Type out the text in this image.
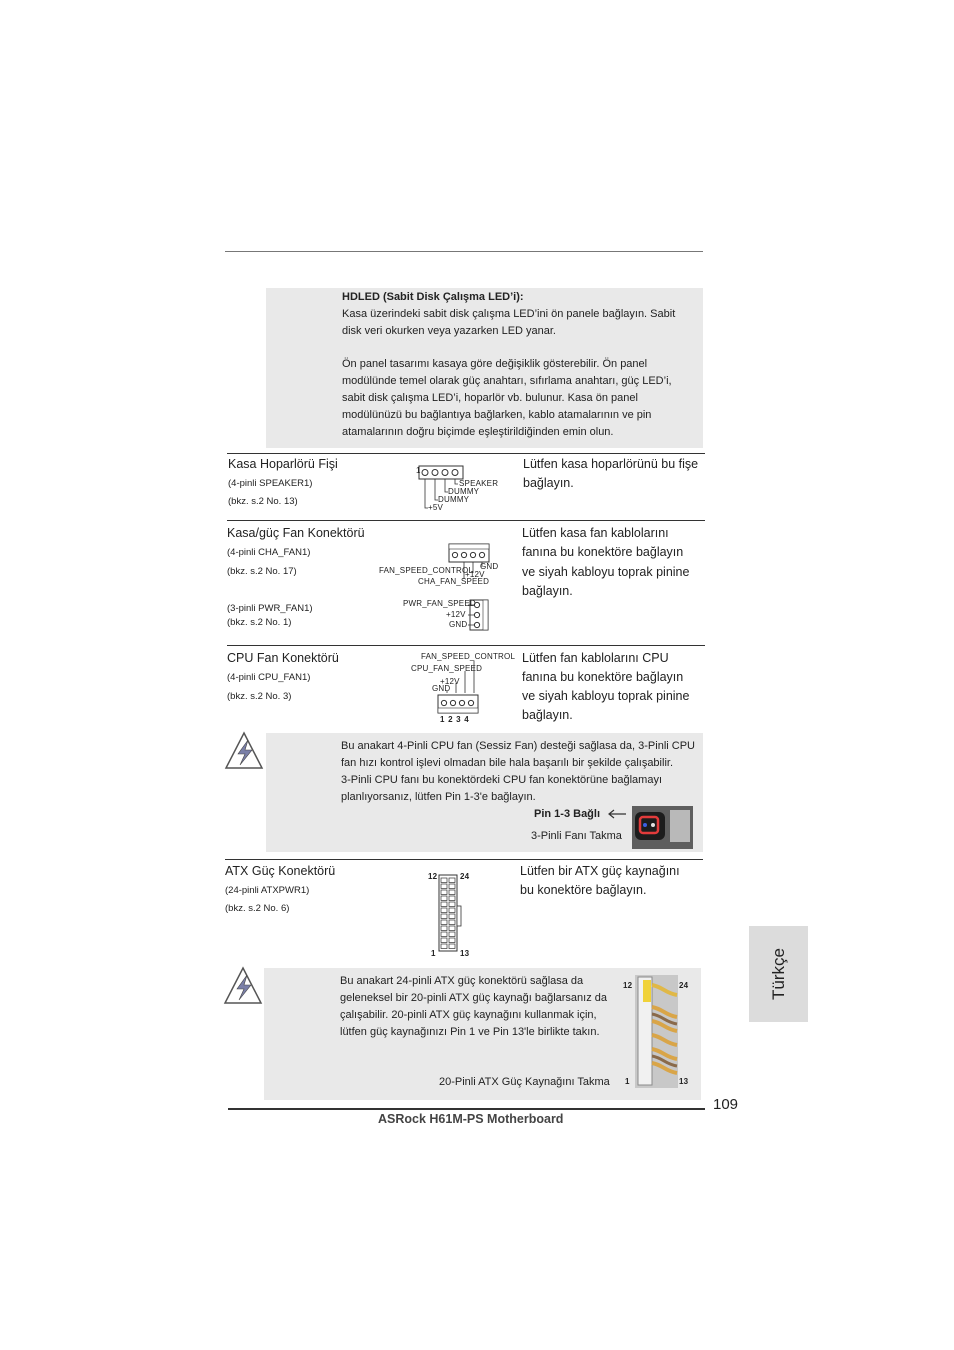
HDLED (Sabit Disk Çalışma LED’i):
Kasa üzerindeki sabit disk çalışma LED’ini ön panele bağlayın. Sabit
disk veri okurken veya yazarken LED yanar.
Ön panel tasarımı kasaya göre değişiklik gösterebilir. Ön panel
modülünde temel olarak güç anahtarı, sıfırlama anahtarı, güç LED’i,
sabit disk çalışma LED’i, hoparlör vb. bulunur. Kasa ön panel
modülünüzü bu bağlantıya bağlarken, kablo atamalarının ve pin
atamalarının doğru biçimde eşleştirildiğinden emin olun.
Kasa Hoparlörü Fişi
(4-pinli SPEAKER1)
(bkz. s.2 No. 13)
1
SPEAKER
DUMMY
DUMMY
+5V
Lütfen kasa hoparlörünü bu fişe
bağlayın.
Kasa/güç Fan Konektörü
(4-pinli CHA_FAN1)
(bkz. s.2 No. 17)
(3-pinli PWR_FAN1)
(bkz. s.2 No. 1)
GND
+12V
FAN_SPEED_CONTROL
CHA_FAN_SPEED
PWR_FAN_SPEED
+12V
GND
Lütfen kasa fan kablolarını
fanına bu konektöre bağlayın
ve siyah kabloyu toprak pinine
bağlayın.
CPU Fan Konektörü
(4-pinli CPU_FAN1)
(bkz. s.2 No. 3)
FAN_SPEED_CONTROL
CPU_FAN_SPEED
+12V
GND
1 2 3 4
Lütfen fan kablolarını CPU
fanına bu konektöre bağlayın
ve siyah kabloyu toprak pinine
bağlayın.
Bu anakart 4-Pinli CPU fan (Sessiz Fan) desteği sağlasa da, 3-Pinli CPU
fan hızı kontrol işlevi olmadan bile hala başarılı bir şekilde çalışabilir.
3-Pinli CPU fanı bu konektördeki CPU fan konektörüne bağlamayı
planlıyorsanız, lütfen Pin 1-3'e bağlayın.
Pin 1-3 Bağlı
3-Pinli Fanı Takma
ATX Güç Konektörü
(24-pinli ATXPWR1)
(bkz. s.2 No. 6)
12	24
1	13
Lütfen bir ATX güç kaynağını
bu konektöre bağlayın.
Bu anakart 24-pinli ATX güç konektörü sağlasa da
geleneksel bir 20-pinli ATX güç kaynağı bağlarsanız da
çalışabilir. 20-pinli ATX güç kaynağını kullanmak için,
lütfen güç kaynağınızı Pin 1 ve Pin 13'le birlikte takın.
20-Pinli ATX Güç Kaynağını Takma
12	24
1	13
Türkçe
109
ASRock H61M-PS Motherboard
